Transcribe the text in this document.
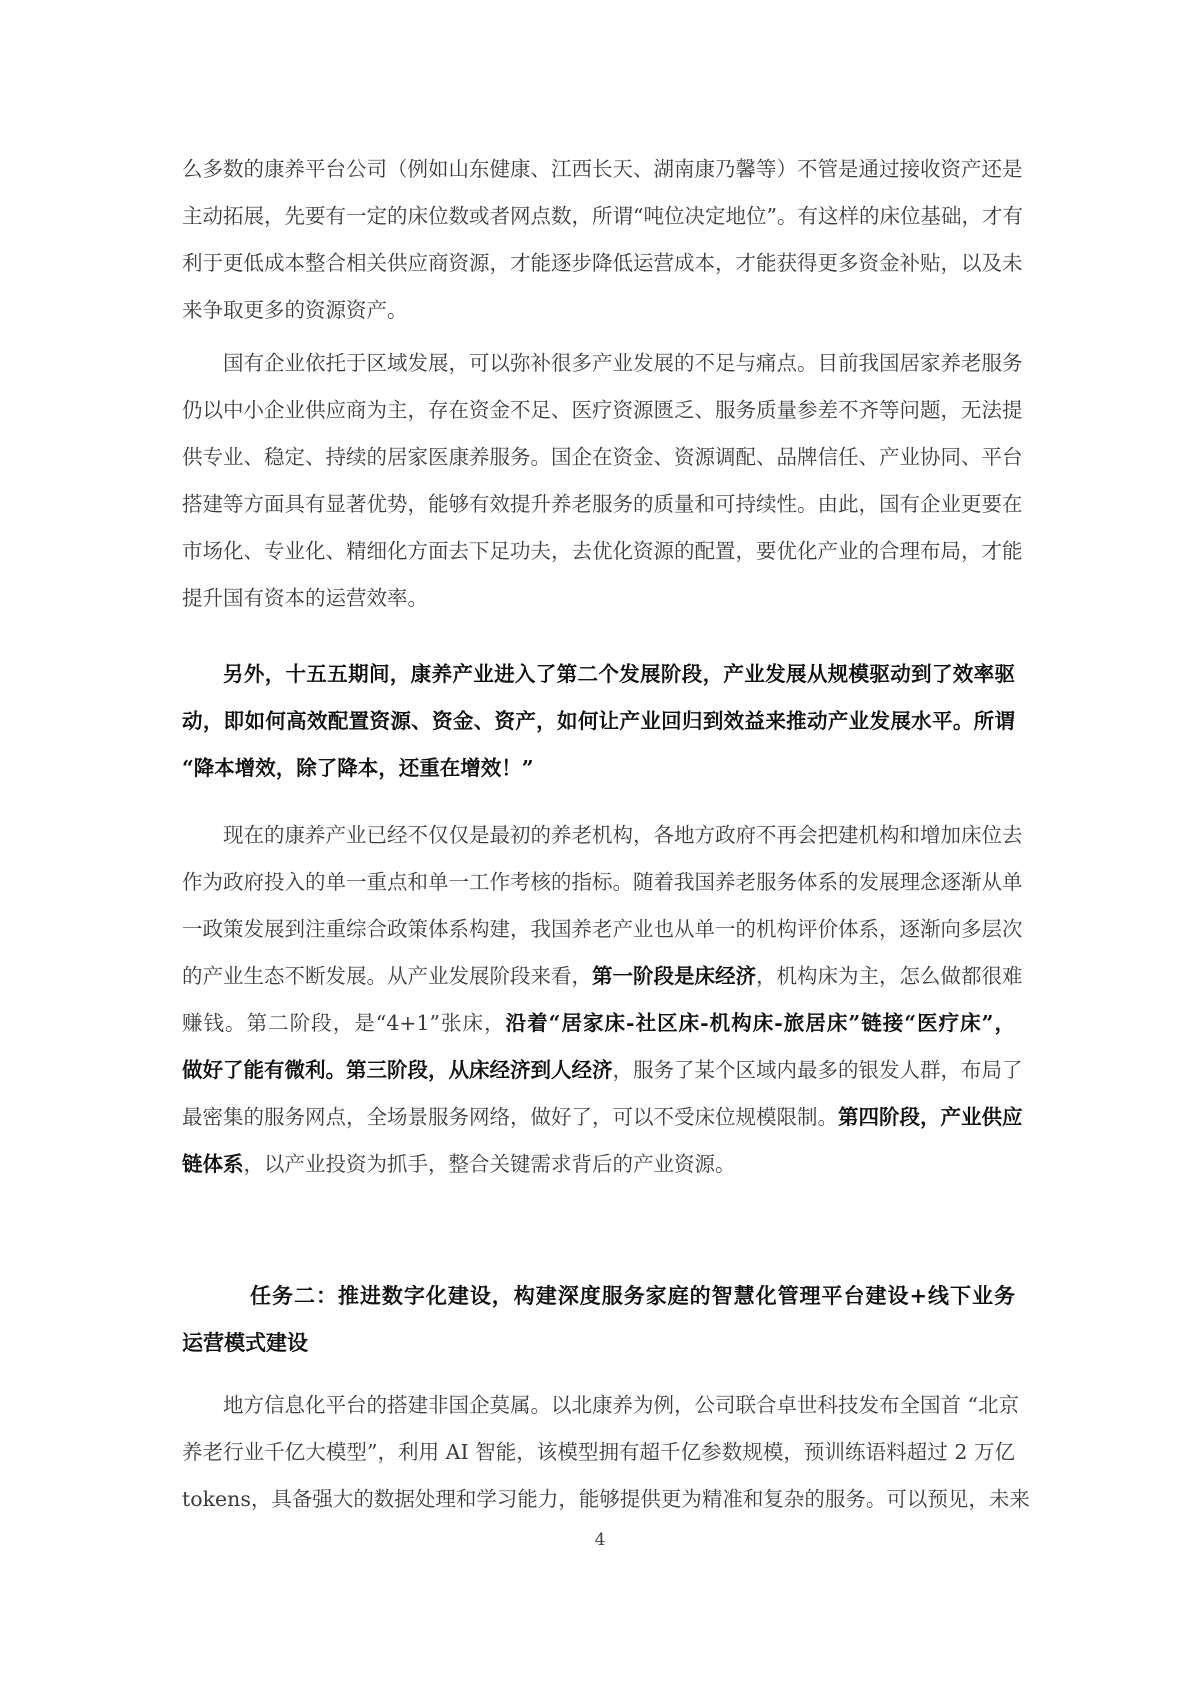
么多数的康养平台公司（例如山东健康、江西长天、湖南康乃馨等）不管是通过接收资产还是
主动拓展，先要有一定的床位数或者网点数，所谓“吨位决定地位”。有这样的床位基础，才有
利于更低成本整合相关供应商资源，才能逐步降低运营成本，才能获得更多资金补贴，以及未
来争取更多的资源资产。
国有企业依托于区域发展，可以弥补很多产业发展的不足与痛点。目前我国居家养老服务
仍以中小企业供应商为主，存在资金不足、医疗资源匮乏、服务质量参差不齐等问题，无法提
供专业、稳定、持续的居家医康养服务。国企在资金、资源调配、品牌信任、产业协同、平台
搭建等方面具有显著优势，能够有效提升养老服务的质量和可持续性。由此，国有企业更要在
市场化、专业化、精细化方面去下足功夫，去优化资源的配置，要优化产业的合理布局，才能
提升国有资本的运营效率。
另外，十五五期间，康养产业进入了第二个发展阶段，产业发展从规模驱动到了效率驱
动，即如何高效配置资源、资金、资产，如何让产业回归到效益来推动产业发展水平。所谓
“降本增效，除了降本，还重在增效！”
现在的康养产业已经不仅仅是最初的养老机构，各地方政府不再会把建机构和增加床位去
作为政府投入的单一重点和单一工作考核的指标。随着我国养老服务体系的发展理念逐渐从单
一政策发展到注重综合政策体系构建，我国养老产业也从单一的机构评价体系，逐渐向多层次
的产业生态不断发展。从产业发展阶段来看，第一阶段是床经济，机构床为主，怎么做都很难
赚钱。第二阶段，是“4+1”张床，沿着“居家床-社区床-机构床-旅居床”链接“医疗床”，
做好了能有微利。第三阶段，从床经济到人经济，服务了某个区域内最多的银发人群，布局了
最密集的服务网点，全场景服务网络，做好了，可以不受床位规模限制。第四阶段，产业供应
链体系，以产业投资为抓手，整合关键需求背后的产业资源。
任务二：推进数字化建设，构建深度服务家庭的智慧化管理平台建设+线下业务
运营模式建设
地方信息化平台的搭建非国企莫属。以北康养为例，公司联合卓世科技发布全国首 “北京
养老行业千亿大模型”，利用 AI 智能，该模型拥有超千亿参数规模，预训练语料超过 2 万亿
tokens，具备强大的数据处理和学习能力，能够提供更为精准和复杂的服务。可以预见，未来
4
